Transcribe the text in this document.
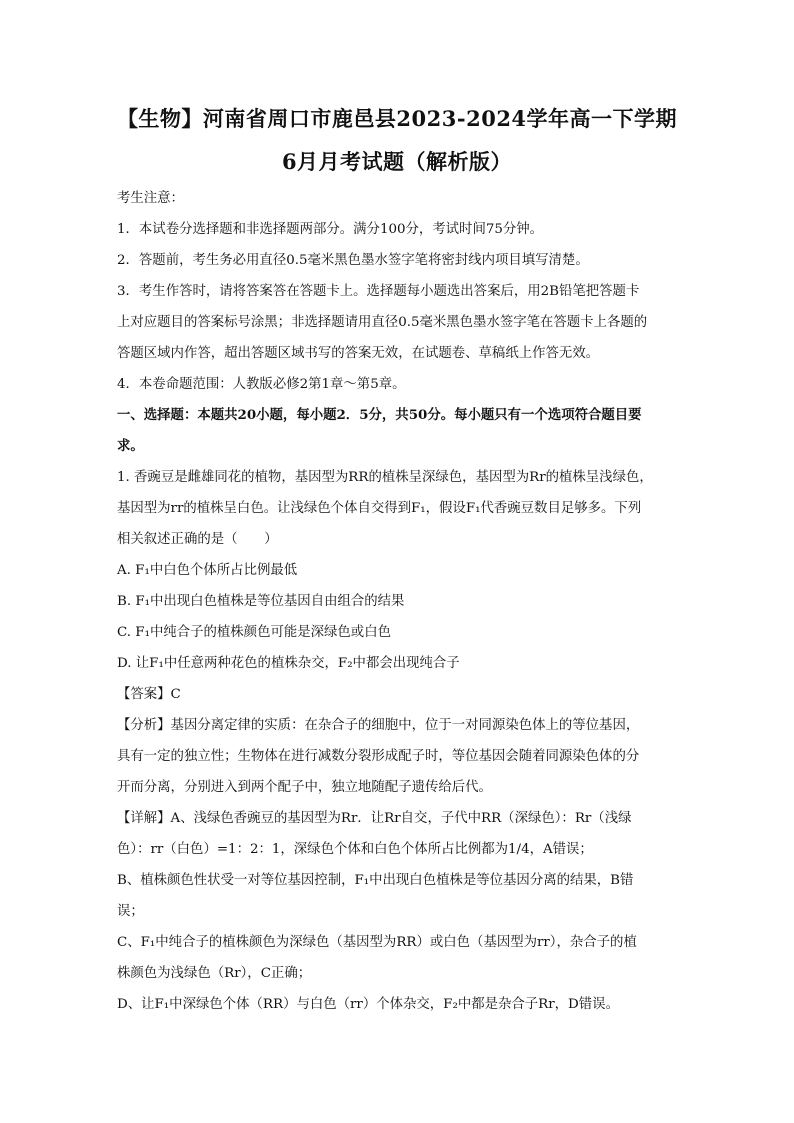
【生物】河南省周口市鹿邑县2023-2024学年高一下学期
6月月考试题（解析版）
考生注意：
1．本试卷分选择题和非选择题两部分。满分100分，考试时间75分钟。
2．答题前，考生务必用直径0.5毫米黑色墨水签字笔将密封线内项目填写清楚。
3．考生作答时，请将答案答在答题卡上。选择题每小题选出答案后，用2B铅笔把答题卡
上对应题目的答案标号涂黑；非选择题请用直径0.5毫米黑色墨水签字笔在答题卡上各题的
答题区域内作答，超出答题区域书写的答案无效，在试题卷、草稿纸上作答无效。
4．本卷命题范围：人教版必修2第1章～第5章。
一、选择题：本题共20小题，每小题2．5分，共50分。每小题只有一个选项符合题目要
求。
1. 香豌豆是雌雄同花的植物，基因型为RR的植株呈深绿色，基因型为Rr的植株呈浅绿色，
基因型为rr的植株呈白色。让浅绿色个体自交得到F₁，假设F₁代香豌豆数目足够多。下列
相关叙述正确的是（　　）
A. F₁中白色个体所占比例最低
B. F₁中出现白色植株是等位基因自由组合的结果
C. F₁中纯合子的植株颜色可能是深绿色或白色
D. 让F₁中任意两种花色的植株杂交，F₂中都会出现纯合子
【答案】C
【分析】基因分离定律的实质：在杂合子的细胞中，位于一对同源染色体上的等位基因，
具有一定的独立性；生物体在进行减数分裂形成配子时，等位基因会随着同源染色体的分
开而分离，分别进入到两个配子中，独立地随配子遗传给后代。
【详解】A、浅绿色香豌豆的基因型为Rr．让Rr自交，子代中RR（深绿色）：Rr（浅绿
色）：rr（白色）=1：2：1，深绿色个体和白色个体所占比例都为1/4，A错误；
B、植株颜色性状受一对等位基因控制，F₁中出现白色植株是等位基因分离的结果，B错
误；
C、F₁中纯合子的植株颜色为深绿色（基因型为RR）或白色（基因型为rr），杂合子的植
株颜色为浅绿色（Rr），C正确；
D、让F₁中深绿色个体（RR）与白色（rr）个体杂交，F₂中都是杂合子Rr，D错误。
